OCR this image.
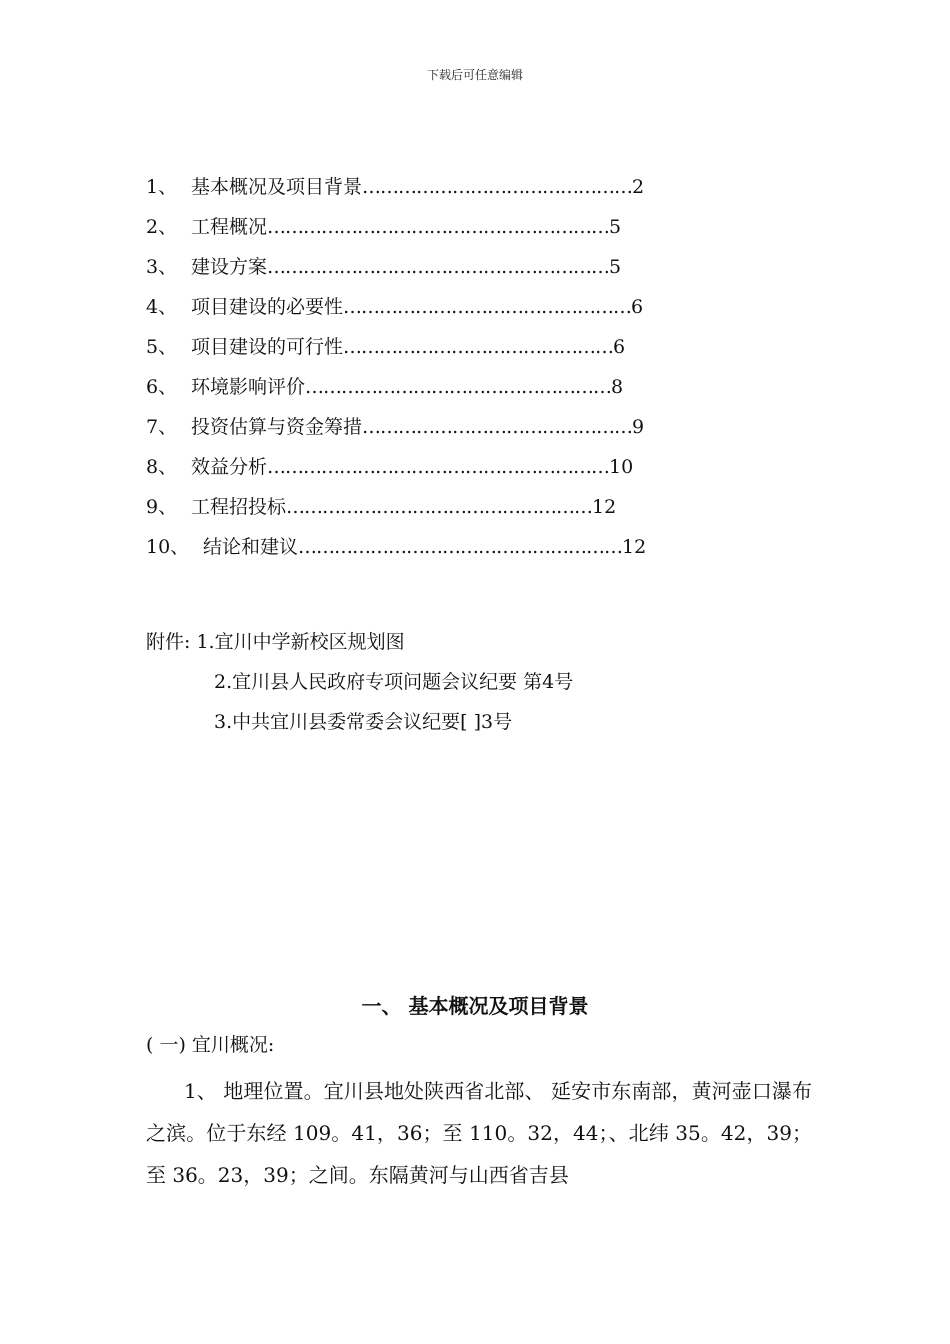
下载后可任意编辑
1、 基本概况及项目背景 ……………………………………… 2
2、 工程概况 ………………………………………………… 5
3、 建设方案 ………………………………………………… 5
4、 项目建设的必要性 ………………………………………… 6
5、 项目建设的可行性 ……………………………………… 6
6、 环境影响评价 …………………………………………… 8
7、 投资估算与资金筹措 ……………………………………… 9
8、 效益分析 ………………………………………………… 10
9、 工程招投标 …………………………………………… 12
10、 结论和建议 ……………………………………………… 12
附件: 1.宜川中学新校区规划图
2.宜川县人民政府专项问题会议纪要 第4号
3.中共宜川县委常委会议纪要[ ]3号
一、 基本概况及项目背景
( 一) 宜川概况:
1、 地理位置。宜川县地处陕西省北部、 延安市东南部，黄河壶口瀑布之滨。位于东经 109。41，36；至 110。32，44；、北纬 35。42，39；至 36。23，39；之间。东隔黄河与山西省吉县
